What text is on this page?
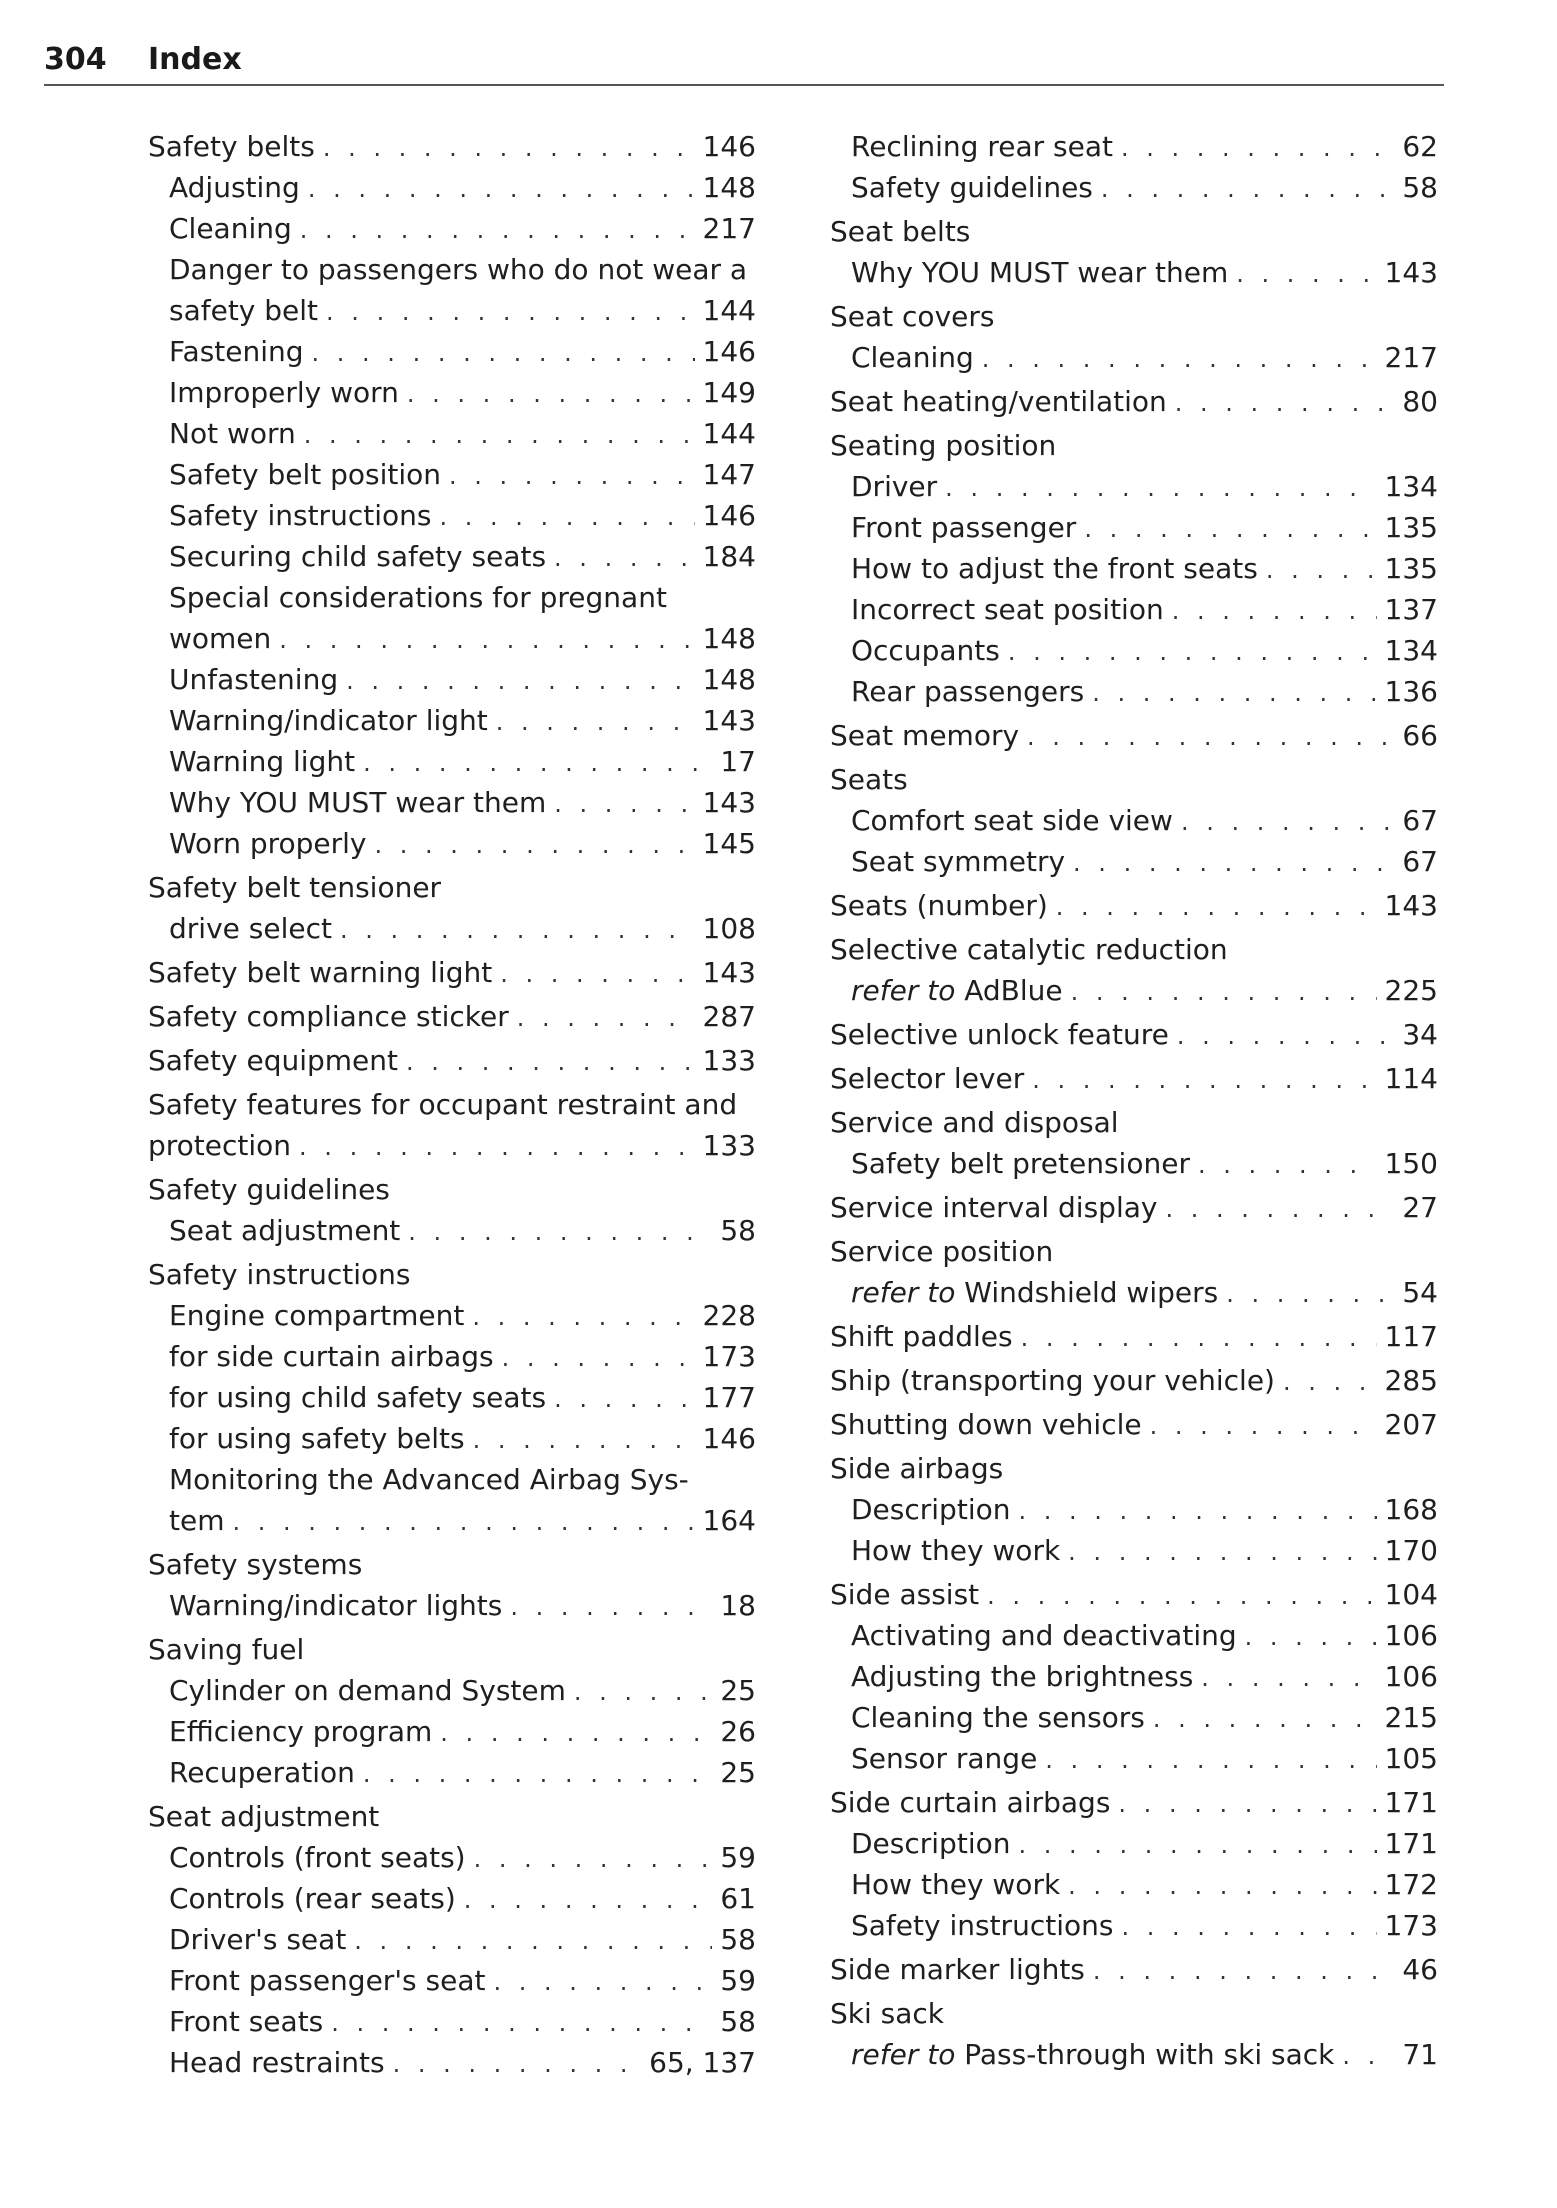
304 Index
Safety belts . . .	146
Adjusting . . .	148
Cleaning . . .	217
Danger to passengers who do not wear a
safety belt . . .	144
Fastening . . .	146
Improperly worn . . .	149
Not worn . . .	144
Safety belt position . . .	147
Safety instructions . . .	146
Securing child safety seats . . .	184
Special considerations for pregnant
women . . .	148
Unfastening . . .	148
Warning/indicator light . . .	143
Warning light . . .	17
Why YOU MUST wear them . . .	143
Worn properly . . .	145
Safety belt tensioner
drive select . . .	108
Safety belt warning light . . .	143
Safety compliance sticker . . .	287
Safety equipment . . .	133
Safety features for occupant restraint and
protection . . .	133
Safety guidelines
Seat adjustment . . .	58
Safety instructions
Engine compartment . . .	228
for side curtain airbags . . .	173
for using child safety seats . . .	177
for using safety belts . . .	146
Monitoring the Advanced Airbag Sys-
tem . . .	164
Safety systems
Warning/indicator lights . . .	18
Saving fuel
Cylinder on demand System . . .	25
Efficiency program . . .	26
Recuperation . . .	25
Seat adjustment
Controls (front seats) . . .	59
Controls (rear seats) . . .	61
Driver's seat . . .	58
Front passenger's seat . . .	59
Front seats . . .	58
Head restraints . . .	65, 137
Reclining rear seat . . .	62
Safety guidelines . . .	58
Seat belts
Why YOU MUST wear them . . .	143
Seat covers
Cleaning . . .	217
Seat heating/ventilation . . .	80
Seating position
Driver . . .	134
Front passenger . . .	135
How to adjust the front seats . . .	135
Incorrect seat position . . .	137
Occupants . . .	134
Rear passengers . . .	136
Seat memory . . .	66
Seats
Comfort seat side view . . .	67
Seat symmetry . . .	67
Seats (number) . . .	143
Selective catalytic reduction
refer to AdBlue . . .	225
Selective unlock feature . . .	34
Selector lever . . .	114
Service and disposal
Safety belt pretensioner . . .	150
Service interval display . . .	27
Service position
refer to Windshield wipers . . .	54
Shift paddles . . .	117
Ship (transporting your vehicle) . . .	285
Shutting down vehicle . . .	207
Side airbags
Description . . .	168
How they work . . .	170
Side assist . . .	104
Activating and deactivating . . .	106
Adjusting the brightness . . .	106
Cleaning the sensors . . .	215
Sensor range . . .	105
Side curtain airbags . . .	171
Description . . .	171
How they work . . .	172
Safety instructions . . .	173
Side marker lights . . .	46
Ski sack
refer to Pass-through with ski sack . . . 71
